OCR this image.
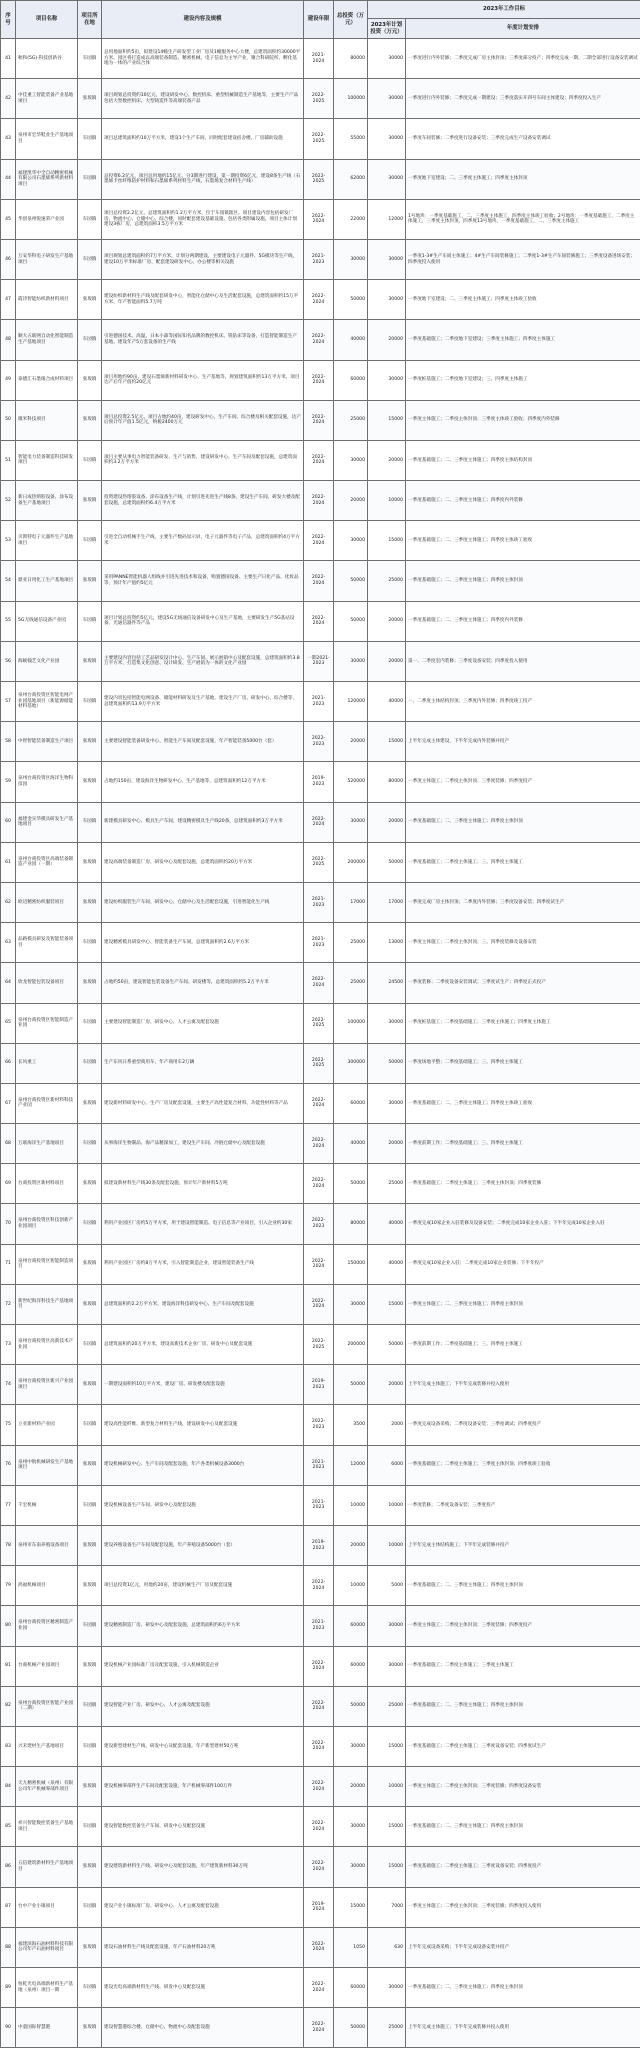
序号	项目名称	项目所在地	建设内容及规模	建设年限	总投资（万元）	2023年工作目标	
						2023年计划投资（万元）	年度计划安排
41	秋和(5G)·科技创新谷	车园镇	总用地面积约5亩，拟建设14幢生产研发型工业厂房及1幢服务中心大楼，总建筑面积约30000平方米。园区将打造成以高端装备制造、精密机械、电子信息为主导产业，聚合科研院所、孵化基地为一体的产业综合体	2021-2024	80000	30000	一季度进行内外装修；二季度完成厂房主体封顶；三季度部分投产；四季度完成一期、二期全部进行设备安装调试
42	中佳重工智能装备产业基地项目	张坂镇	项目规划总投资约10亿元，建设研发中心、数控机床、重型机械制造生产基地等，主要生产产品包括大型数控机床、大型铸造件等高端装备产品	2022-2025	100000	30000	一季度进行内外装修；二季度完成一期建设；三季度落实开四号车间主体建设；四季度投入生产
43	泉州市宏华鞋业生产基地项目	车园镇	项目总建筑面积约10万平方米，建设1个生产车间，同时配套建设宿舍楼、厂房辅助设施	2022-2025	55000	30000	一季度车间装修；二季度进行设备安装；三季度完成生产设备安装调试
44	福建凯华中全自动精密机械有限公司石墨烯系列新材料项目	车园镇	总投资6.2亿元，项目总用地约15亿元，分3期进行建设，第一期投资6亿元，建设8条生产线（石墨烯卡丝纤维防护材料和石墨烯系列材料生产线，石墨烯复合材料生产线）	2022-2025	62000	30000	一季度地下室建设；二、三季度主体施工；四季度主体封顶
45	华创泉州悦速荣产业园	车园镇	项目总投资2.2亿元，总建筑面积约1.2万平方米，位于车园镇辖区。项目建设内容包括研发厂房、物流中心、仓储中心、综合楼，同时配套建设基础设施、包括各类附属设施。项目主体计划建设3栋厂房，总建筑面积3.5万平方米	2022-2024	22000	12000	1号地块：一季度基础施工，二、三季度主体施工，四季度主体竣工验收；2号地块：一季度基础施工，二季度主体施工，三季度主体封顶，四季度13号地块，一季度基础施工，二、三季度主体施工
46	万安华科电子研发生产基地项目	车园镇	项目规划总建筑面积约7万平方米，计划分两期建设，主要建设电子元器件、5G模块等生产线，建设10万平米标准厂房，配套建设研发中心、办公楼等相关设施	2021-2023	30000	30000	一季度1-3#生产车间主体施工；4#生产车间装修施工；二季度1-3#生产车间装修施工；三季度设备进场安装；四季度投入使用
47	霞诗智能纺织新材料项目	张坂镇	建设纺织新材料生产线及配套研发中心，智能化仓储中心及生活配套设施，总建筑面积约15万平方米，年产智能面料5.7万吨	2022-2024	50000	30000	一季度地下室建设；二、三季度主体施工；四季度主体竣工验收
48	顺大五联网自动化智能制造生产基地项目	车园镇	引进德国技术、高温、日本小森等国际知名品牌的数控机床、铣钻床等设备，打造智能制造生产基地，建设年产5万套设备的生产线	2022-2024	40000	20000	一季度基础施工；二季度地下室建设；三季度主体施工；四季度主体施工
49	泰德汇石墨烯合成材料项目	张坂镇	项目用地约90亩，建设石墨烯新材料研发中心、生产基地等，规划建筑面积约13万平方米，项目达产后年产值约20亿元	2022-2024	60000	30000	一季度桩基施工；二季度地下室建设；三、四季度主体施工
50	微米科技项目	张坂镇	项目总投资2.5亿元，项目占地约40亩，建设研发中心、生产车间、综合楼及相关配套设施，达产后预计年产值1.5亿元，纳税2400万元	2022-2024	25000	15000	一季度主体施工；二季度主体封顶；三季度主体竣工验收；四季度内外装修
51	智能电力装备制造科技研发项目	车园镇	项目主要从事电力智能装备研发、生产与销售，建设研发中心、生产车间及配套设施，总建筑面积约3.2万平方米	2022-2024	30000	20000	一季度基础施工；二、三季度主体施工；四季度主体结构封顶
52	新日成热熔胶设备、涂布设备生产基地项目	张坂镇	投资建设热熔胶设备、涂布设备生产线，计划引进先进生产线8条，建设生产车间、研发大楼及配套设施，总建筑面积约6.4万平方米	2022-2024	20000	10000	一季度基础施工；二、三季度主体施工；四季度内外装修
53	贝斯特电子元器件生产基地项目	车园镇	引进全自动机械手生产线，主要生产数码显示屏、电子元器件等电子产品，总建筑面积约4万平方米	2022-2024	30000	15000	一季度基础施工；二、三季度主体施工；四季度主体竣工验收
54	鼎亚日用化工生产基地项目	张坂镇	采用PANNE智能机器人组线并引进先进技术和设备，购置德国设备、主要生产日化产品、化妆品等，预计年产值约5亿元	2022-2024	50000	25000	一季度基础施工；二、三季度主体施工；四季度主体封顶
55	5G无线通信设备产业园	车园镇	项目计划总投资约5亿元，建设5G无线通信设备研发中心及生产基地，主要研发生产5G基站设备、光通信器件等产品	2022-2024	50000	20000	一季度基础施工；二、三季度主体施工；四季度内外装修
56	海峡翰艺文化产业园	张坂镇	主要建设内容包括工艺品研发设计中心、生产车间、展示展销中心及配套设施，总建筑面积约3.8万平方米，打造集文化创意、设计研发、生产展销为一体的文化产业园	一期2021-2023	30000	20000	第一、二季度室内装修；三季度设备安装；四季度投入使用
57	泉州台商投资区智能电网产业园基地项目（新能源储能材料基地）	车园镇	建设内容包括智能电网设备、储能材料研发及生产基地，建设生产厂房、研发中心、综合楼等，总建筑面积约13.9万平方米	2021-2023	120000	40000	一、二季度主体结构封顶；三季度内外装修；四季度竣工投产
58	中智智能装备制造生产项目	张坂镇	主要建设智能装备研发中心、智能生产车间及配套设施，年产智能装备5000台（套）	2022-2023	20000	15000	上半年完成主体建设，下半年完成内外装修并投产
59	泉州台商投资区海洋生物科技园	张坂镇	占地约150亩，建设海洋生物研发中心、生产基地等，总建筑面积约12万平方米	2019-2023	520000	80000	一季度主体施工；二季度主体封顶；三季度装修；四季度投产
60	福建金实华模具研发生产基地项目	车园镇	新建模具研发中心、模具生产车间，建设精密模具生产线20条，总建筑面积约3万平方米	2022-2024	30000	20000	一季度基础施工；二、三季度主体施工；四季度主体封顶
61	泉州台商投资区高端装备制造产业园（一期）	张坂镇	建设高端装备制造厂房、研发中心及配套设施，总建筑面积约20万平方米	2022-2025	200000	50000	一季度基础施工；二季度主体施工；三、四季度主体施工
62	欧迈精密纺织服装项目	张坂镇	建设纺织服装生产车间、研发中心、仓储中心及生活配套设施，引进智能化生产线	2021-2023	17000	17000	一季度完成厂房主体封顶；二季度内外装修；三季度设备安装；四季度试生产
63	品路模具研发及智能装备项目	车园镇	建设精密模具研发中心、智能装备生产车间，总建筑面积约2.6万平方米	2021-2023	25000	13000	一季度主体施工；二季度主体封顶；三、四季度装修及设备安装
64	欣龙智能包装设备项目	张坂镇	占地约50亩，建设智能包装设备生产车间、研发楼等，总建筑面积约5.2万平方米	2022-2024	25000	24500	一季度装修；二季度设备安装调试；三季度试生产；四季度正式投产
65	泉州台商投资区智能制造产业园	车园镇	主要建设智能制造厂房、研发中心、人才公寓及配套设施	2022-2025	100000	30000	一季度桩基施工；二季度基础施工；三季度主体施工；四季度主体施工
66	长风重工	车园镇	生产东风日系重型商用车，年产商用车2万辆	2022-2025	300000	50000	一季度场地平整；二季度基础施工；三、四季度主体施工
67	泉州台商投资区新材料科技产业园	张坂镇	建设新材料研发中心、生产厂房及配套设施，主要生产高性能复合材料、功能性材料等产品	2022-2024	60000	30000	一季度基础施工；二、三季度主体施工；四季度主体竣工验收
68	万联海洋生产基地项目	车园镇	从事海洋生物制品、海产品精深加工，建设生产车间、冷链仓储中心及配套设施	2022-2024	40000	20000	一季度前期工作；二季度基础施工；三、四季度主体施工
69	台商投资区新材料项目	张坂镇	拟建设新材料生产线30条及配套设施，预计年产新材料5万吨	2022-2024	50000	25000	一季度基础施工；二季度主体施工；三季度主体封顶；四季度装修
70	泉州台商投资区科技创新产业园项目	车园镇	利用产业园区厂房约5万平方米，用于建设智能制造、电子信息等产业项目，引入企业约30家	2022-2023	80000	40000	一季度完成10家企业入驻装修及设备安装；二季度完成10家企业入驻；下半年完成10家企业入驻
71	泉州台商投资区智能制造项目	张坂镇	利用产业园区厂房约8万平方米，引入智能制造企业，建设智能装备生产线	2022-2024	150000	40000	一季度完成10家企业入驻；二季度完成10家企业装修；下半年投产
72	新世纪海洋科技生产基地项目	张坂镇	总建筑面积约2.2万平方米，建设海洋科技研发中心、生产车间及配套设施	2022-2024	30000	15000	一季度主体施工；二、三季度主体施工；四季度主体封顶
73	泉州台商投资区高新技术产业园	车园镇	总建筑面积约20万平方米，建设高新技术企业厂房、研发中心及配套设施	2022-2025	200000	50000	一季度前期工作；二季度基础施工；三、四季度主体施工
74	泉州台商投资区新兴产业园项目	张坂镇	一期建设面积约10万平方米，建设厂房、研发楼及配套设施	2019-2023	50000	20000	上半年完成主体施工；下半年完成装修并投入使用
75	立亚新材料产业园	车园镇	建设高性能纤维、新型复合材料生产线，建设研发中心及配套设施	2022-2023	3500	2000	一季度完成设备采购；二季度设备安装；三季度调试；四季度投产
76	泉州中航机械研发生产基地项目	张坂镇	建设机械研发中心、生产车间及配套设施，年产各类机械设备3000台	2021-2023	12000	6000	一季度基础施工；二季度主体施工；三季度主体封顶；四季度竣工验收
77	千宏机械	车园镇	建设机械设备生产车间、研发中心及配套设施	2021-2023	10000	10000	一季度装修；二季度设备安装；三季度投产
78	泉州市东南养殖设备项目	张坂镇	建设养殖设备生产车间及配套设施，年产养殖设备5000台（套）	2019-2023	20000	10000	上半年完成主体结构施工；下半年完成装修并投产
79	鸿福机械项目	张坂镇	项目总投资1亿元，用地约20亩，建设机械生产厂房及配套设施	2022-2024	10000	5000	一季度基础施工；二、三季度主体施工；四季度主体封顶
80	泉州台商投资区精密制造产业园	车园镇	建设精密制造厂房、研发中心及配套设施，总建筑面积约6万平方米	2021-2023	60000	30000	一季度主体施工；二季度主体封顶；三季度装修；四季度投产
81	台商机械产业园项目	张坂镇	建设机械产业园标准厂房及配套设施，引入机械制造企业	2022-2024	60000	30000	一季度基础施工；二季度主体施工；三季度主体施工
82	泉州台商投资区智能产业园（二期）	车园镇	建设智能产业厂房、研发中心、人才公寓及配套设施	2022-2024	50000	25000	一季度基础施工；二、三季度主体施工；四季度主体封顶
83	兴禾建材生产基地项目	车园镇	建设新型建材生产线、研发中心及配套设施，年产新型建材50万吨	2022-2024	30000	15000	一季度基础施工；二季度主体施工；三季度设备安装；四季度试生产
84	天九精密机械（泉州）有限公司年产机械零部件项目	张坂镇	建设机械零部件生产车间及配套设施，年产机械零部件100万件	2022-2024	20000	10000	一季度主体施工；二季度主体封顶；三季度装修；四季度设备安装
85	祥兴智能数控装备生产基地项目	车园镇	建设智能数控装备生产车间、研发中心及配套设施	2022-2024	30000	15000	一季度基础施工；二、三季度主体施工；四季度主体封顶
86	五信建筑新材料生产基地项目	张坂镇	建设建筑新材料生产线、研发中心及配套设施，年产建筑新材料30万吨	2022-2024	30000	15000	一季度基础施工；二季度主体施工；三季度设备安装；四季度投产
87	台中产业小镇项目	车园镇	建设产业小镇标准厂房、研发中心、人才公寓及配套设施	2019-2024	15000	7000	一季度主体施工；二季度主体封顶；三季度装修；四季度投入使用
88	福建滨海石油材料科技有限公司年产石油材料项目	张坂镇	建设石油材料生产线及配套设施，年产石油材料20万吨	2022-2024	1050	630	上半年完成设备采购；下半年完成设备安装并投产
89	恒乾光电高端新材料生产基地（泉州）项目一期	车园镇	建设光电高端新材料生产线、研发中心及配套设施	2022-2024	60000	30000	一季度基础施工；二、三季度主体施工；四季度主体封顶
90	中童国际智慧港	张坂镇	建设智慧港综合楼、仓储中心、物流中心及配套设施	2022-2024	50000	25000	上半年完成主体施工；下半年完成装修并投入使用
